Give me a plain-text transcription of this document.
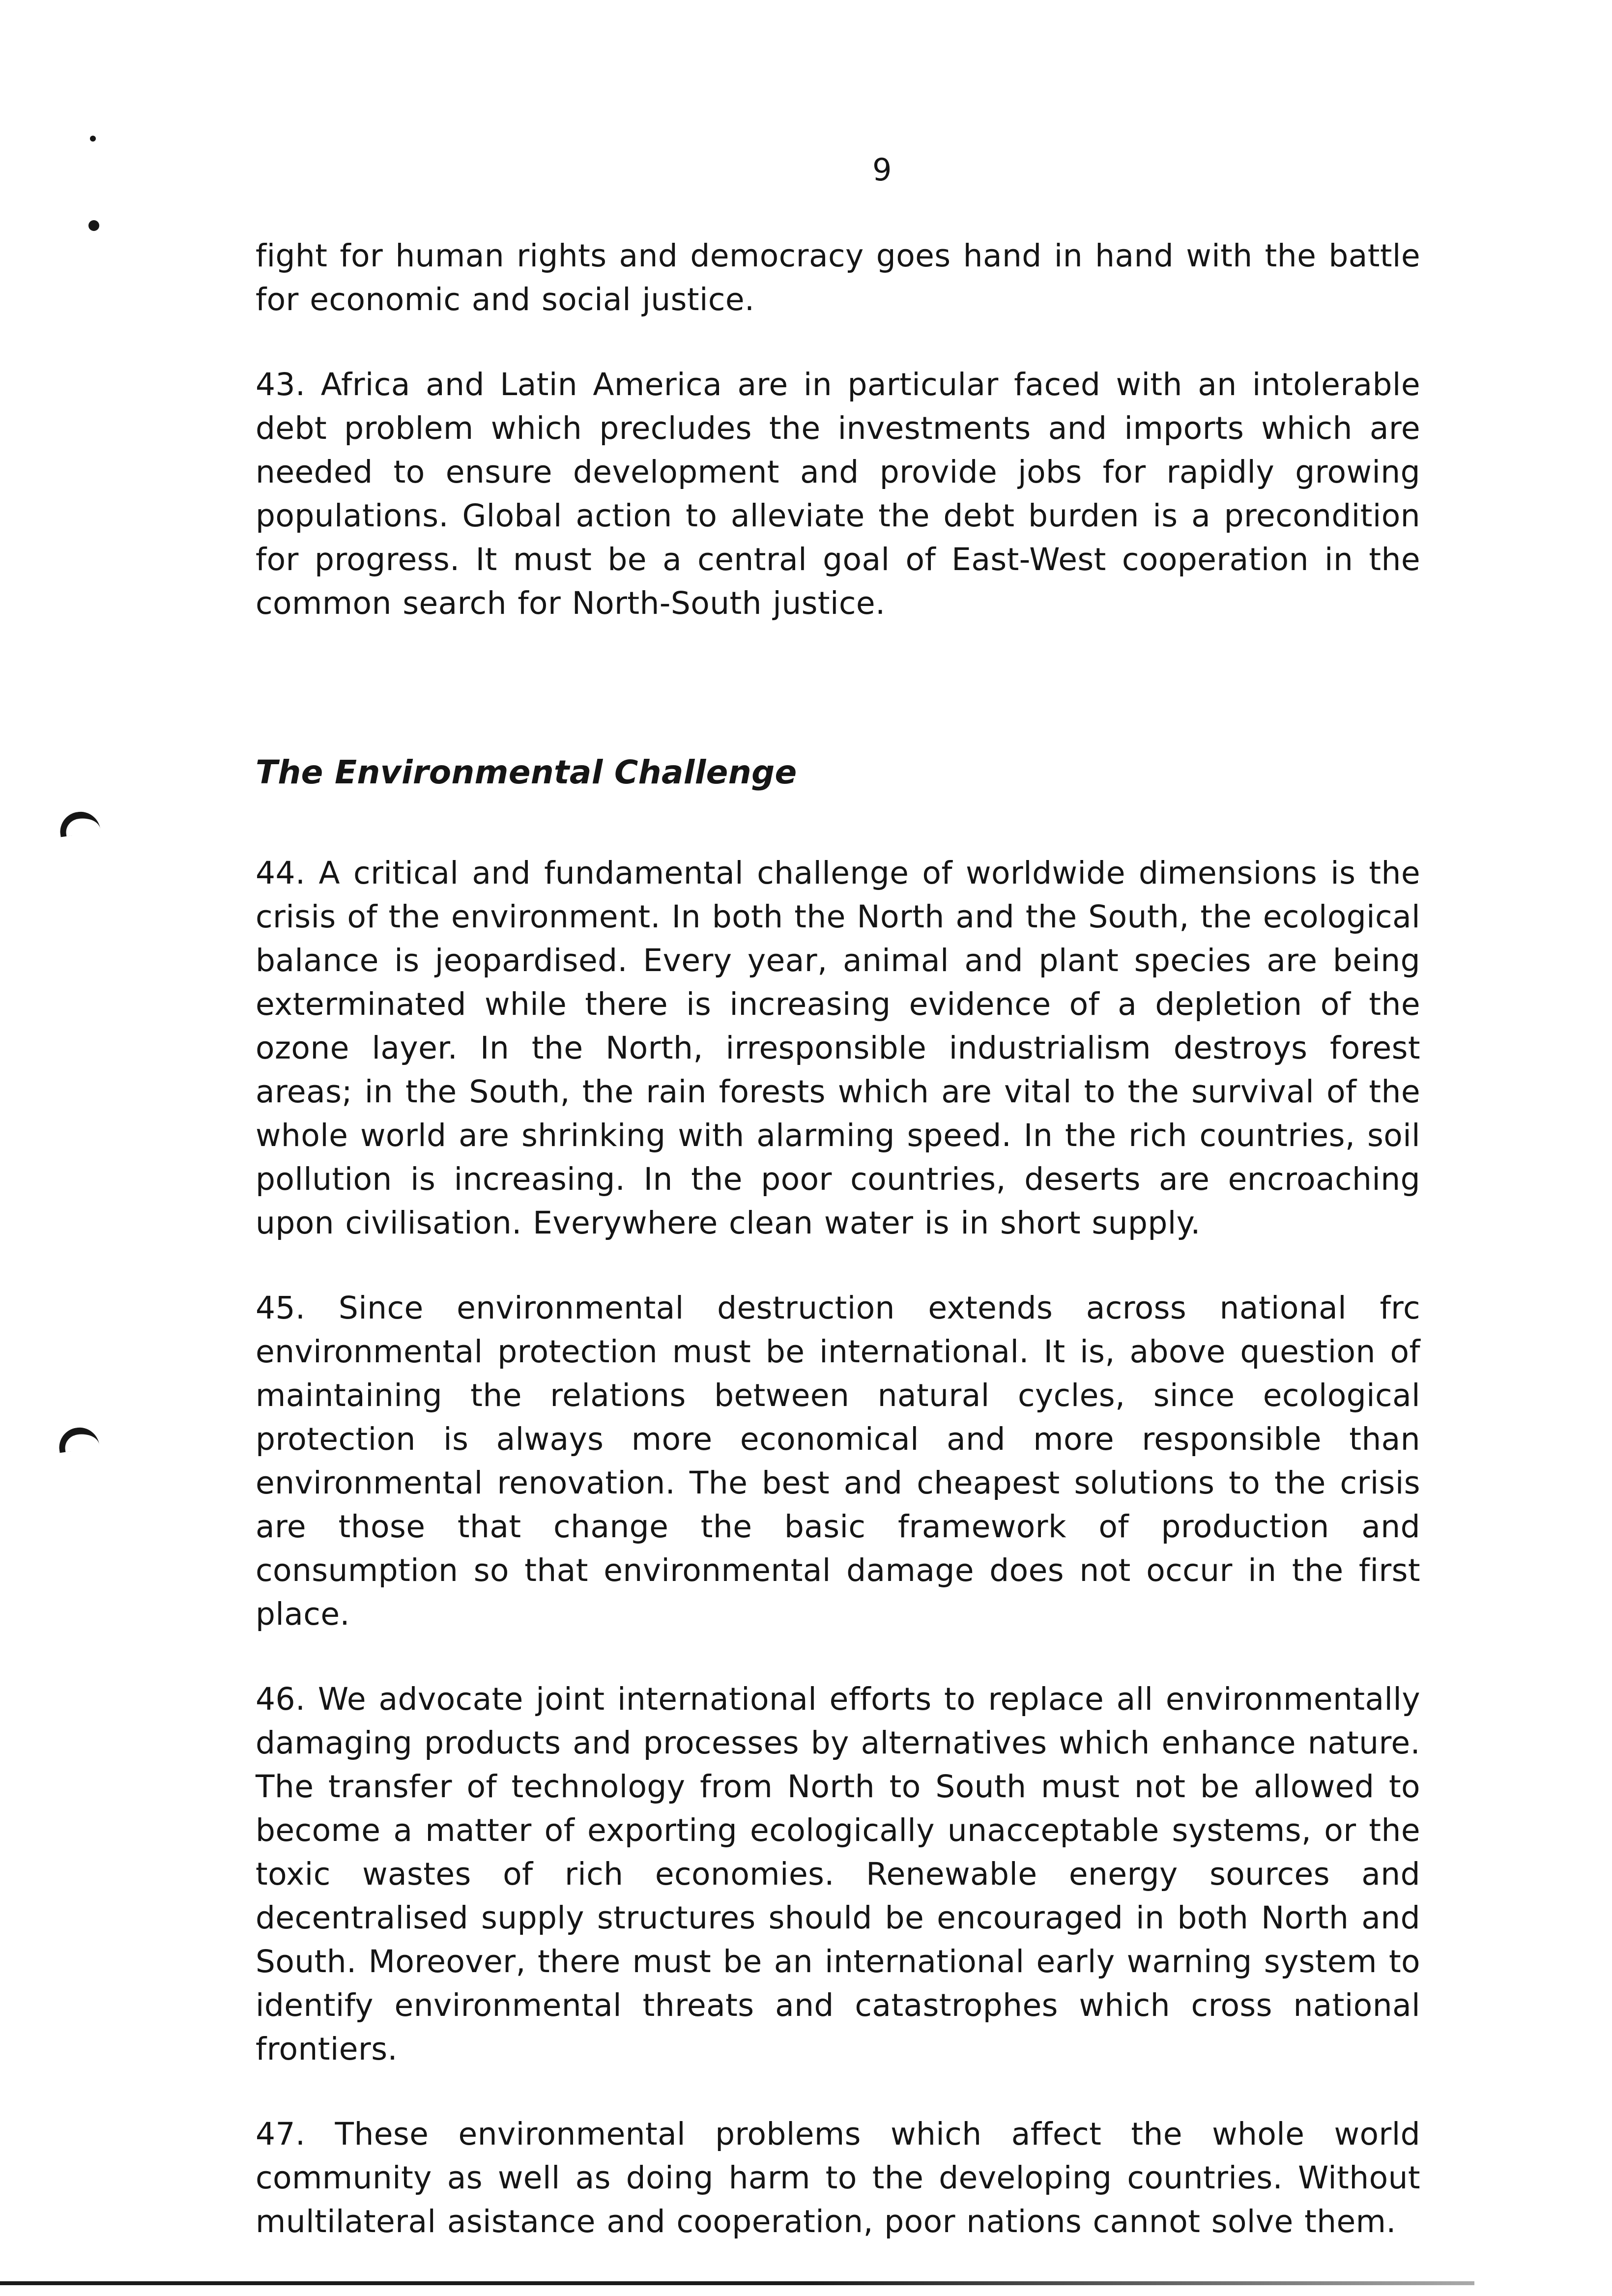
9

fight for human rights and democracy goes hand in hand with the battle for economic and social justice.

43. Africa and Latin America are in particular faced with an intolerable debt problem which precludes the investments and imports which are needed to ensure development and provide jobs for rapidly growing populations. Global action to alleviate the debt burden is a precondition for progress. It must be a central goal of East-West cooperation in the common search for North-South justice.

The Environmental Challenge

44. A critical and fundamental challenge of worldwide dimensions is the crisis of the environment. In both the North and the South, the ecological balance is jeopardised. Every year, animal and plant species are being exterminated while there is increasing evidence of a depletion of the ozone layer. In the North, irresponsible industrialism destroys forest areas; in the South, the rain forests which are vital to the survival of the whole world are shrinking with alarming speed. In the rich countries, soil pollution is increasing. In the poor countries, deserts are encroaching upon civilisation. Everywhere clean water is in short supply.

45. Since environmental destruction extends across national frc environmental protection must be international. It is, above question of maintaining the relations between natural cycles, since ecological protection is always more economical and more responsible than environmental renovation. The best and cheapest solutions to the crisis are those that change the basic framework of production and consumption so that environmental damage does not occur in the first place.

46. We advocate joint international efforts to replace all environmentally damaging products and processes by alternatives which enhance nature. The transfer of technology from North to South must not be allowed to become a matter of exporting ecologically unacceptable systems, or the toxic wastes of rich economies. Renewable energy sources and decentralised supply structures should be encouraged in both North and South. Moreover, there must be an international early warning system to identify environmental threats and catastrophes which cross national frontiers.

47. These environmental problems which affect the whole world community as well as doing harm to the developing countries. Without multilateral asistance and cooperation, poor nations cannot solve them.
